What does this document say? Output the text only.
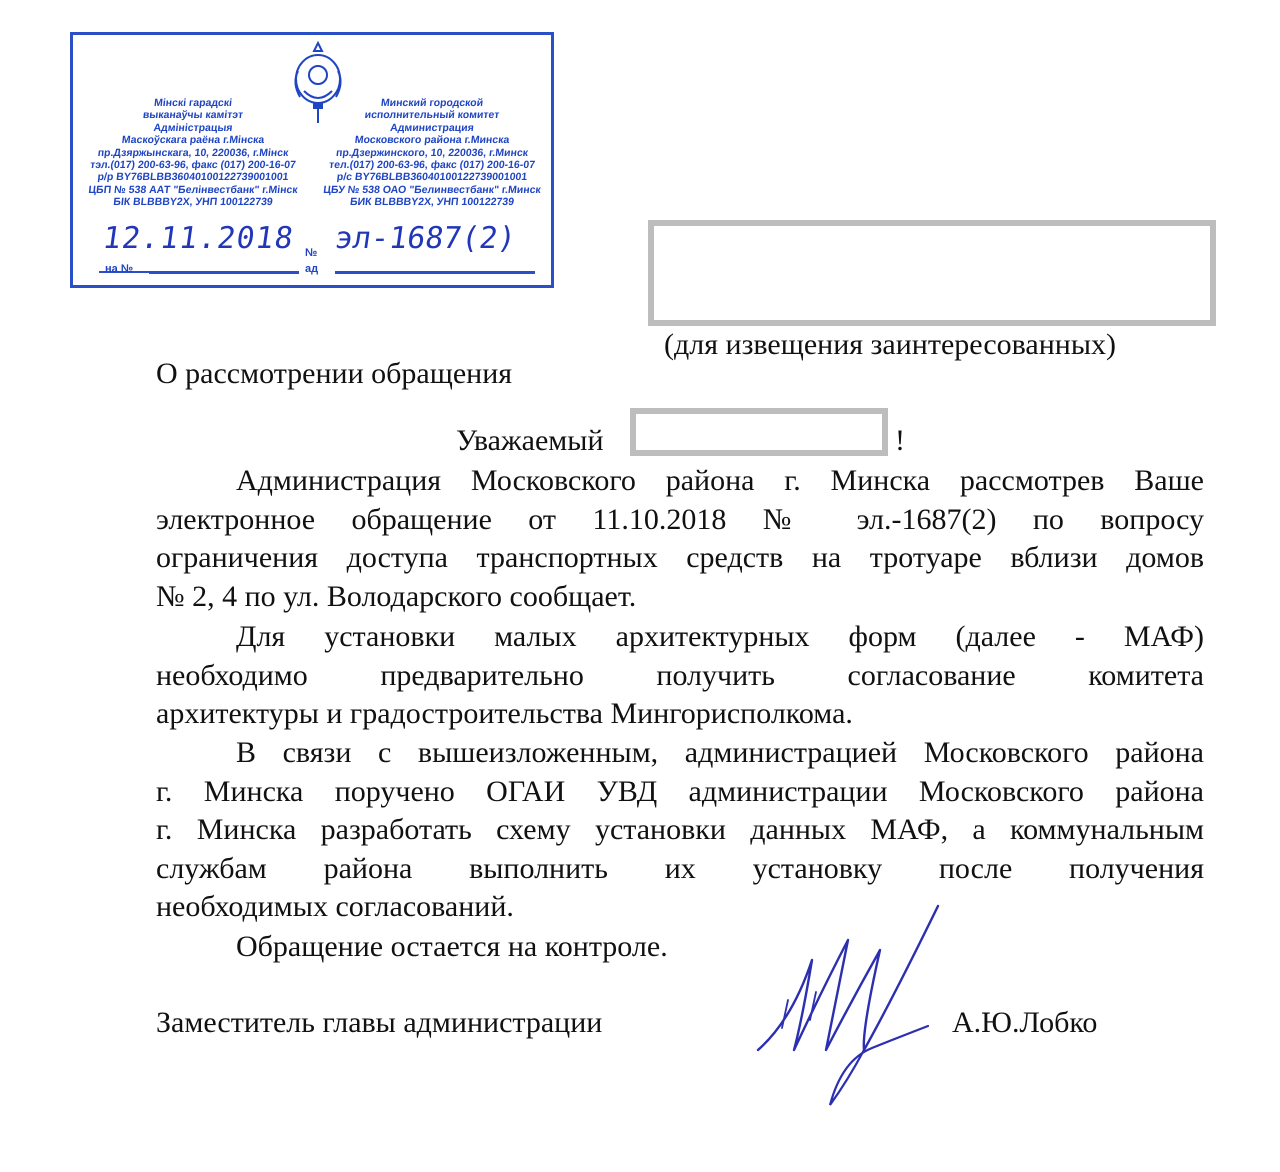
Мінскі гарадскі
выканаўчы камітэт
Адміністрацыя
Маскоўскага раёна г.Мінска
пр.Дзяржынскага, 10, 220036, г.Мінск
тэл.(017) 200-63-96, факс (017) 200-16-07
р/р BY76BLBB36040100122739001001
ЦБП № 538 ААТ "Белінвестбанк" г.Мінск
БІК BLBBBY2X, УНП 100122739
Минский городской
исполнительный комитет
Администрация
Московского района г.Минска
пр.Дзержинского, 10, 220036, г.Минск
тел.(017) 200-63-96, факс (017) 200-16-07
р/с BY76BLBB36040100122739001001
ЦБУ № 538 ОАО "Белинвестбанк" г.Минск
БИК BLBBBY2X, УНП 100122739
12.11.2018 № эл-1687(2)
на №	ад
(для извещения заинтересованных)
О рассмотрении обращения
Уважаемый	!
Администрация Московского района г. Минска рассмотрев Ваше
электронное обращение от 11.10.2018 № эл.-1687(2) по вопросу
ограничения доступа транспортных средств на тротуаре вблизи домов
№ 2, 4 по ул. Володарского сообщает.
Для установки малых архитектурных форм (далее - МАФ)
необходимо предварительно получить согласование комитета
архитектуры и градостроительства Мингорисполкома.
В связи с вышеизложенным, администрацией Московского района
г. Минска поручено ОГАИ УВД администрации Московского района
г. Минска разработать схему установки данных МАФ, а коммунальным
службам района выполнить их установку после получения
необходимых согласований.
Обращение остается на контроле.
Заместитель главы администрации	А.Ю.Лобко
